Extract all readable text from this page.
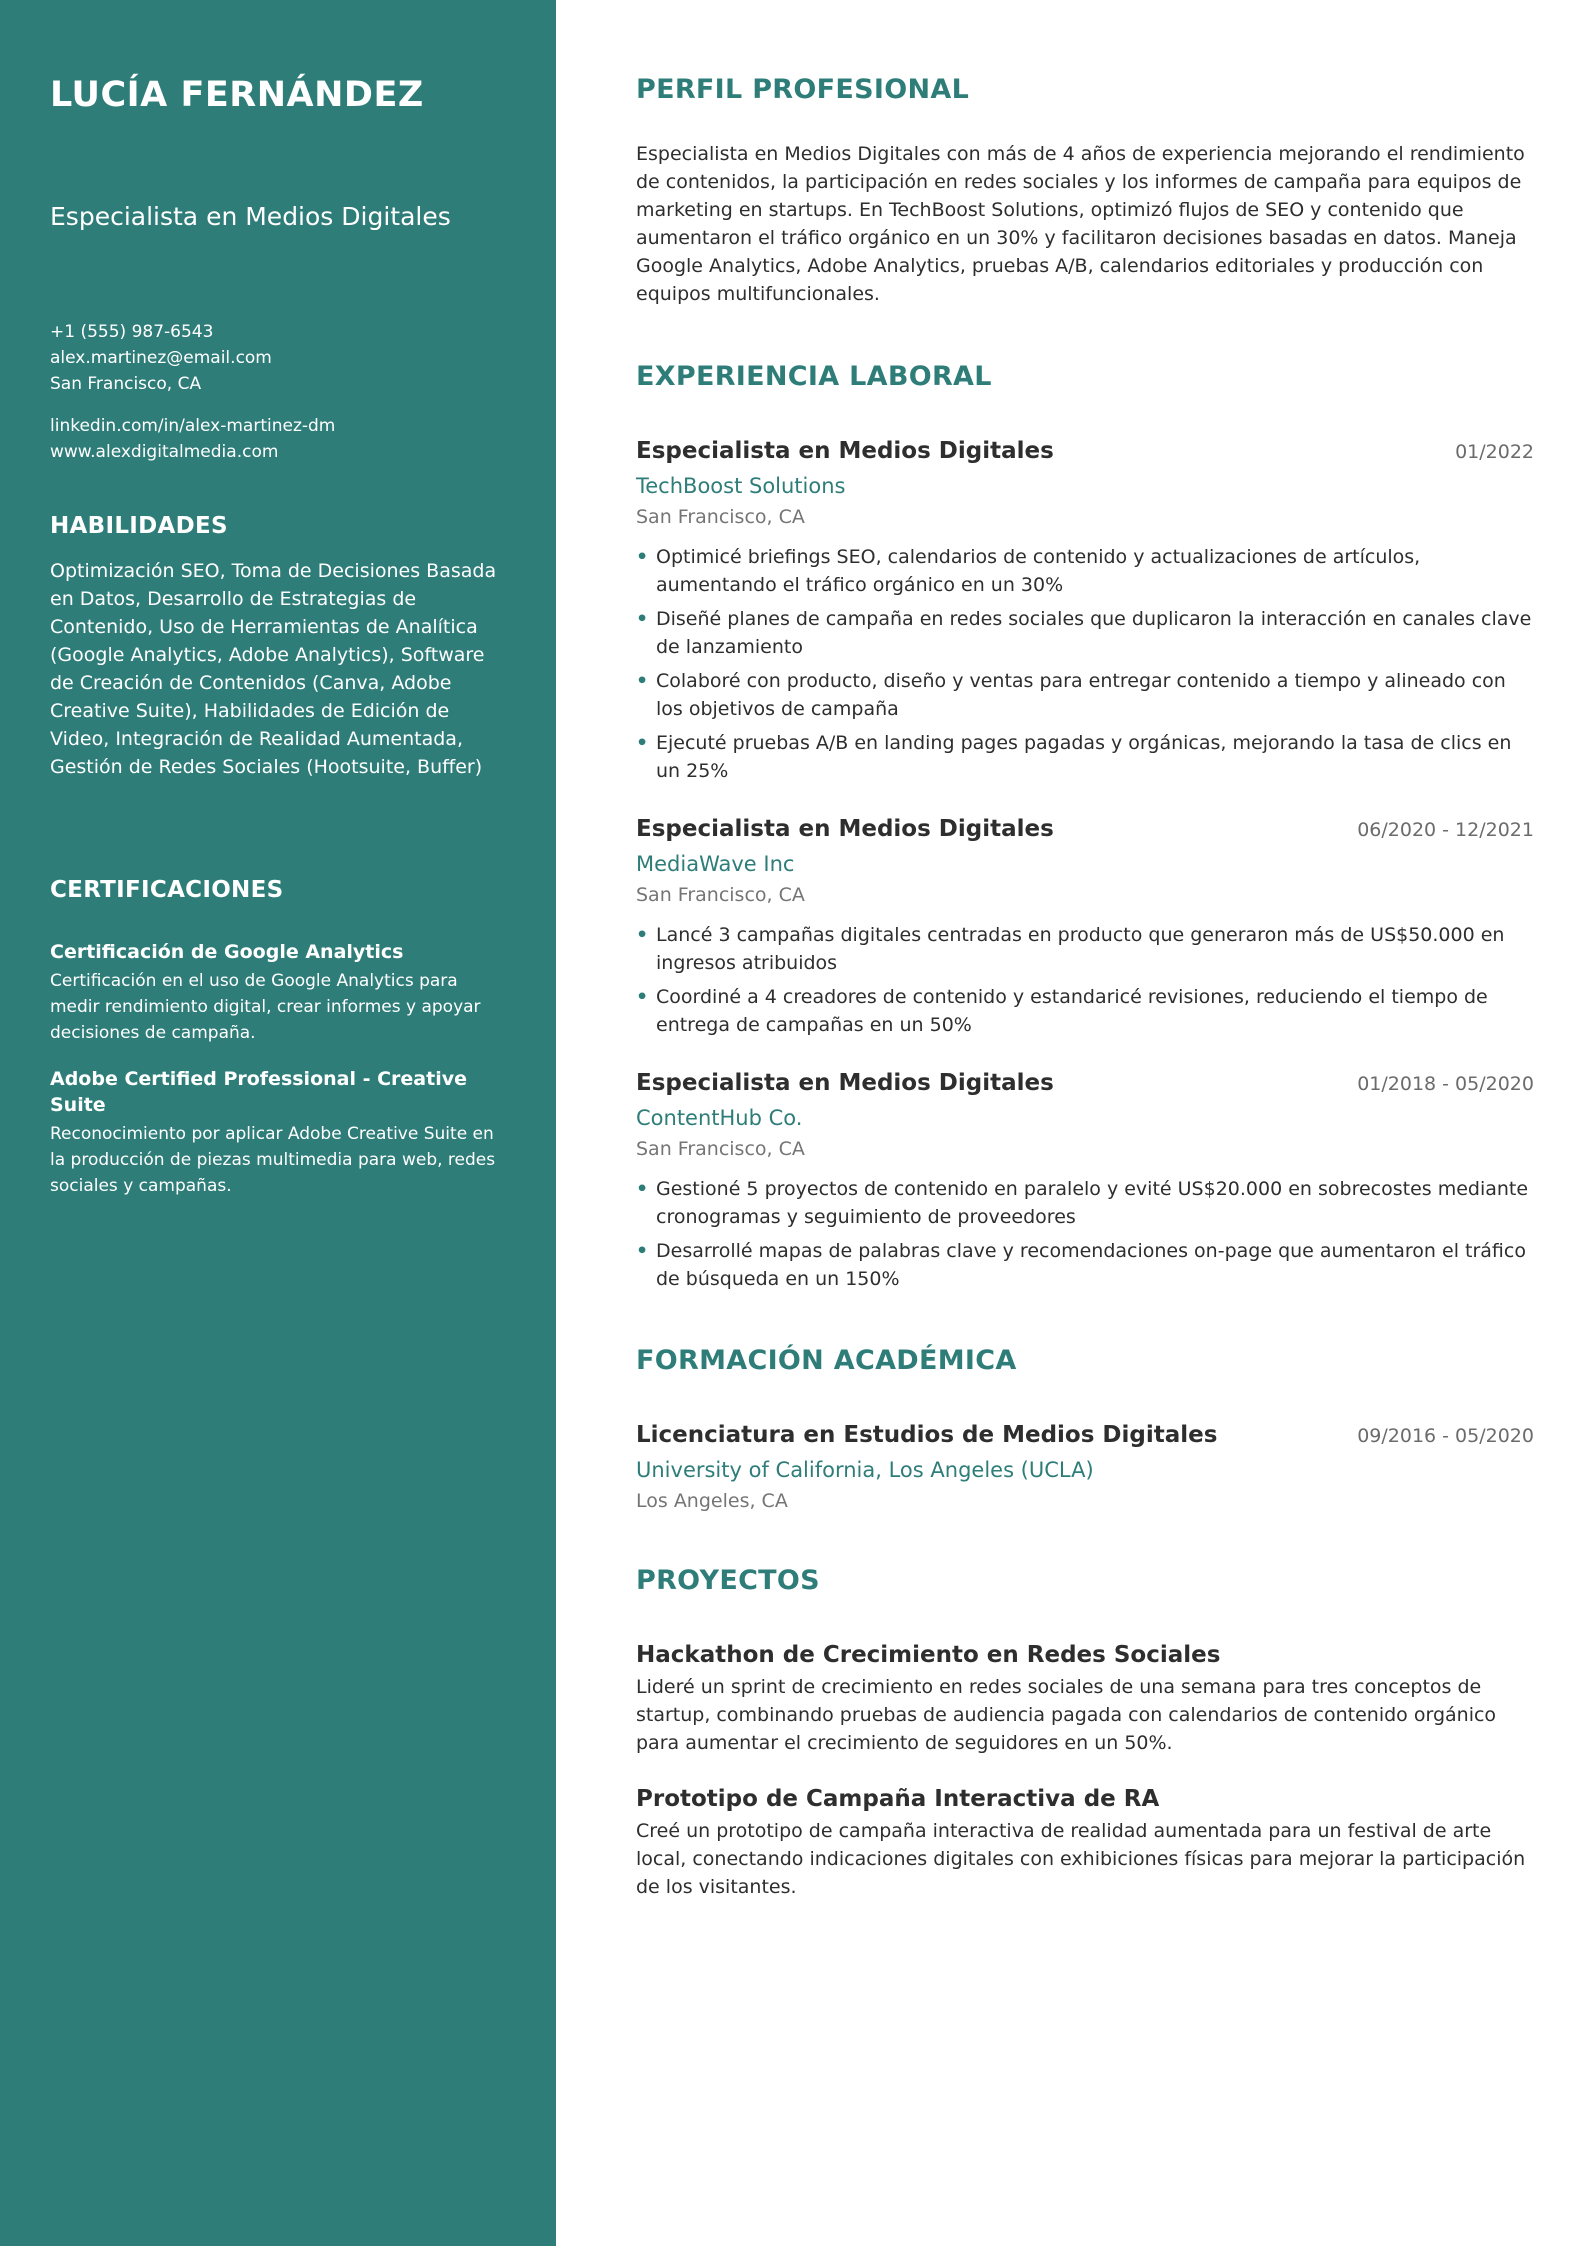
LUCÍA FERNÁNDEZ
Especialista en Medios Digitales
+1 (555) 987-6543
alex.martinez@email.com
San Francisco, CA
linkedin.com/in/alex-martinez-dm
www.alexdigitalmedia.com
HABILIDADES

Optimización SEO, Toma de Decisiones Basada en Datos, Desarrollo de Estrategias de Contenido, Uso de Herramientas de Analítica (Google Analytics, Adobe Analytics), Software de Creación de Contenidos (Canva, Adobe Creative Suite), Habilidades de Edición de Video, Integración de Realidad Aumentada, Gestión de Redes Sociales (Hootsuite, Buffer)

CERTIFICACIONES
Certificación de Google Analytics
Certificación en el uso de Google Analytics para medir rendimiento digital, crear informes y apoyar decisiones de campaña.
Adobe Certified Professional - Creative Suite
Reconocimiento por aplicar Adobe Creative Suite en la producción de piezas multimedia para web, redes sociales y campañas.
PERFIL PROFESIONAL

Especialista en Medios Digitales con más de 4 años de experiencia mejorando el rendimiento de contenidos, la participación en redes sociales y los informes de campaña para equipos de marketing en startups. En TechBoost Solutions, optimizó flujos de SEO y contenido que aumentaron el tráfico orgánico en un 30% y facilitaron decisiones basadas en datos. Maneja Google Analytics, Adobe Analytics, pruebas A/B, calendarios editoriales y producción con equipos multifuncionales.

EXPERIENCIA LABORAL
Especialista en Medios Digitales	01/2022
TechBoost Solutions
San Francisco, CA
• Optimicé briefings SEO, calendarios de contenido y actualizaciones de artículos, aumentando el tráfico orgánico en un 30%
• Diseñé planes de campaña en redes sociales que duplicaron la interacción en canales clave de lanzamiento
• Colaboré con producto, diseño y ventas para entregar contenido a tiempo y alineado con los objetivos de campaña
• Ejecuté pruebas A/B en landing pages pagadas y orgánicas, mejorando la tasa de clics en un 25%
Especialista en Medios Digitales	06/2020 - 12/2021
MediaWave Inc
San Francisco, CA
• Lancé 3 campañas digitales centradas en producto que generaron más de US$50.000 en ingresos atribuidos
• Coordiné a 4 creadores de contenido y estandaricé revisiones, reduciendo el tiempo de entrega de campañas en un 50%
Especialista en Medios Digitales	01/2018 - 05/2020
ContentHub Co.
San Francisco, CA
• Gestioné 5 proyectos de contenido en paralelo y evité US$20.000 en sobrecostes mediante cronogramas y seguimiento de proveedores
• Desarrollé mapas de palabras clave y recomendaciones on-page que aumentaron el tráfico de búsqueda en un 150%
FORMACIÓN ACADÉMICA
Licenciatura en Estudios de Medios Digitales	09/2016 - 05/2020
University of California, Los Angeles (UCLA)
Los Angeles, CA
PROYECTOS
Hackathon de Crecimiento en Redes Sociales

Lideré un sprint de crecimiento en redes sociales de una semana para tres conceptos de startup, combinando pruebas de audiencia pagada con calendarios de contenido orgánico para aumentar el crecimiento de seguidores en un 50%.

Prototipo de Campaña Interactiva de RA

Creé un prototipo de campaña interactiva de realidad aumentada para un festival de arte local, conectando indicaciones digitales con exhibiciones físicas para mejorar la participación de los visitantes.
